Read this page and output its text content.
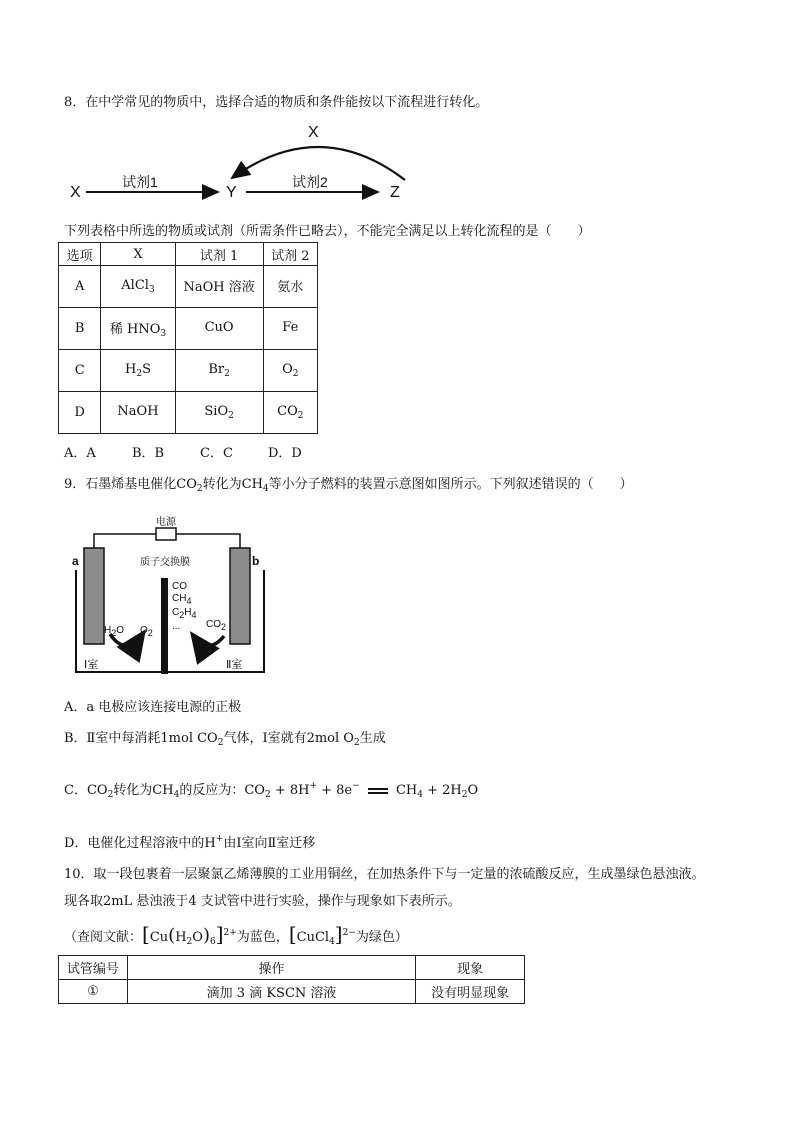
8．在中学常见的物质中，选择合适的物质和条件能按以下流程进行转化。
X
X	Y	Z
试剂1	试剂2
下列表格中所选的物质或试剂（所需条件已略去），不能完全满足以上转化流程的是（　　）
选项	X	试剂 1	试剂 2
A	AlCl$_3$	NaOH 溶液	氨水
B	稀 $HNO_3$	CuO	Fe
C	$H_2S$	$Br_2$	$O_2$
D	NaOH	SiO$_2$	$CO_2$
A．A	B．B	C．C	D．D
9．石墨烯基电催化$CO_2$转化为$CH_4$等小分子燃料的装置示意图如图所示。下列叙述错误的（　　）
电源
质子交换膜
a	b
CO
$CH_4$
$C_2H_4$
...
$H_2O$ $O_2$
$CO_2$
Ⅰ室	Ⅱ室
A．a 电极应该连接电源的正极
B．Ⅱ室中每消耗1mol $CO_2$气体，Ⅰ室就有2mol $O_2$生成
C．$CO_2$转化为$CH_4$的反应为：$CO_2 + 8H^+ + 8e^-$	$CH_4 + 2H_2O$
D．电催化过程溶液中的H+由Ⅰ室向Ⅱ室迁移
10．取一段包裹着一层聚氯乙烯薄膜的工业用铜丝，在加热条件下与一定量的浓硫酸反应，生成墨绿色悬浊液。
现各取2mL 悬浊液于4 支试管中进行实验，操作与现象如下表所示。
（查阅文献：$[Cu(H_2O)_6]^{2+}$为蓝色，[CuCl$_4$]$^{2-}$为绿色）
试管编号	操作	现象
①	滴加 3 滴 KSCN 溶液	没有明显现象
